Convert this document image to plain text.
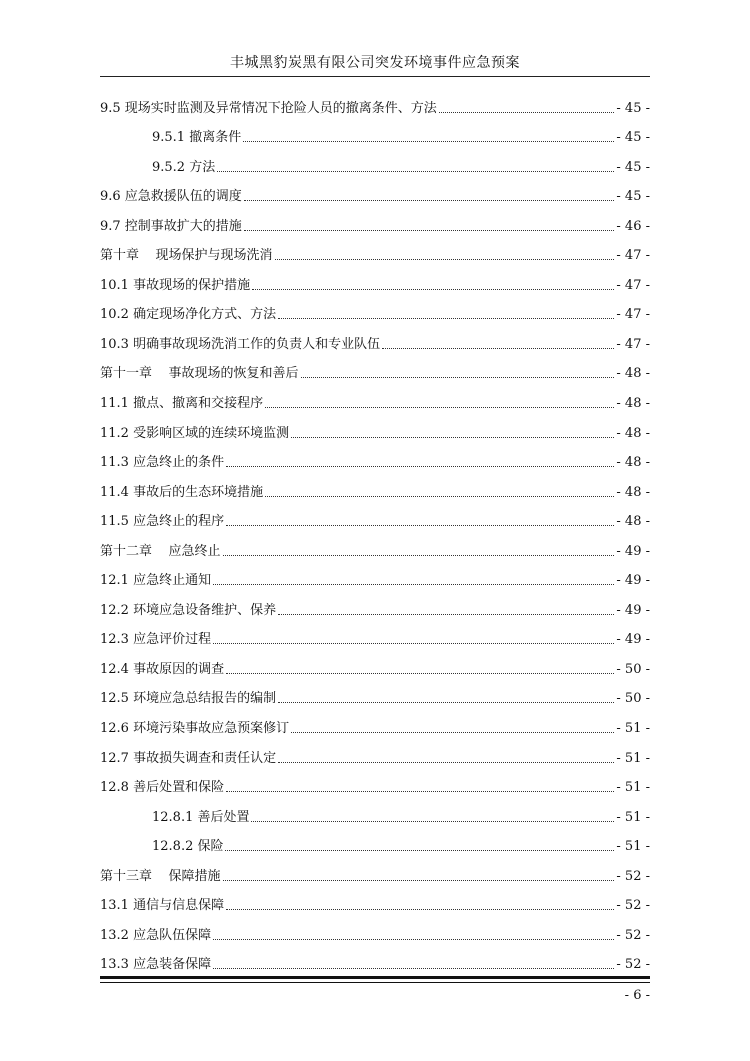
丰城黑豹炭黑有限公司突发环境事件应急预案
9.5 现场实时监测及异常情况下抢险人员的撤离条件、方法	- 45 -
9.5.1 撤离条件	- 45 -
9.5.2 方法	- 45 -
9.6 应急救援队伍的调度	- 45 -
9.7 控制事故扩大的措施	- 46 -
第十章    现场保护与现场洗消	- 47 -
10.1 事故现场的保护措施	- 47 -
10.2 确定现场净化方式、方法	- 47 -
10.3 明确事故现场洗消工作的负责人和专业队伍	- 47 -
第十一章    事故现场的恢复和善后	- 48 -
11.1 撤点、撤离和交接程序	- 48 -
11.2 受影响区域的连续环境监测	- 48 -
11.3 应急终止的条件	- 48 -
11.4 事故后的生态环境措施	- 48 -
11.5 应急终止的程序	- 48 -
第十二章    应急终止	- 49 -
12.1 应急终止通知	- 49 -
12.2 环境应急设备维护、保养	- 49 -
12.3 应急评价过程	- 49 -
12.4 事故原因的调查	- 50 -
12.5 环境应急总结报告的编制	- 50 -
12.6 环境污染事故应急预案修订	- 51 -
12.7 事故损失调查和责任认定	- 51 -
12.8 善后处置和保险	- 51 -
12.8.1 善后处置	- 51 -
12.8.2 保险	- 51 -
第十三章    保障措施	- 52 -
13.1 通信与信息保障	- 52 -
13.2 应急队伍保障	- 52 -
13.3 应急装备保障	- 52 -
- 6 -
